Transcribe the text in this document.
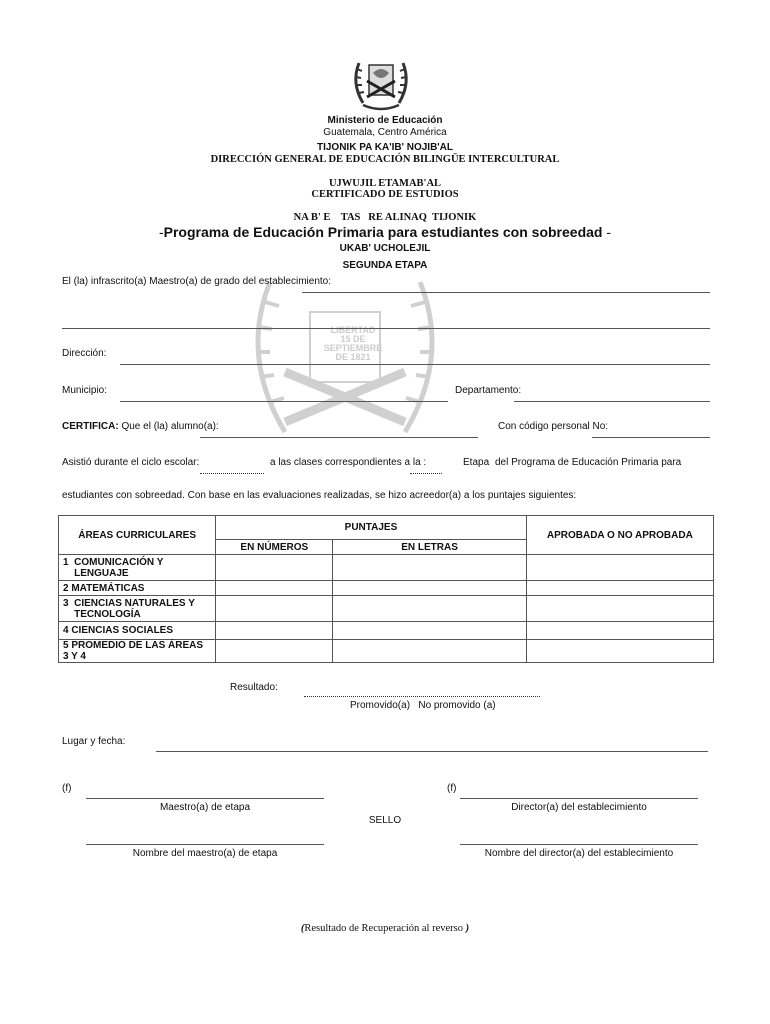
LIBERTAD
15 DE
SEPTIEMBRE
DE 1821
Ministerio de Educación
Guatemala, Centro América
TIJONIK PA KA'IB' NOJIB'AL
DIRECCIÓN GENERAL DE EDUCACIÓN BILINGÜE INTERCULTURAL
UJWUJIL ETAMAB'AL
CERTIFICADO DE ESTUDIOS
NA B' E    TAS   RE ALINAQ  TIJONIK
-Programa de Educación Primaria para estudiantes con sobreedad -
UKAB' UCHOLEJIL
SEGUNDA ETAPA
El (la) infrascrito(a) Maestro(a) de grado del establecimiento:
Dirección:
Municipio:	Departamento:
CERTIFICA: Que el (la) alumno(a):	Con código personal No:
Asistió durante el ciclo escolar:	a las clases correspondientes a la :	Etapa del Programa de Educación Primaria para
estudiantes con sobreedad. Con base en las evaluaciones realizadas, se hizo acreedor(a) a los puntajes siguientes:
ÁREAS CURRICULARES	PUNTAJES		APROBADA O NO APROBADA
	EN NÚMEROS	EN LETRAS	
1  COMUNICACIÓN Y
LENGUAJE			
2 MATEMÁTICAS			
3  CIENCIAS NATURALES Y
TECNOLOGÍA			
4 CIENCIAS SOCIALES			
5 PROMEDIO DE LAS ÁREAS 3 Y 4			
Resultado:
Promovido(a)   No promovido (a)
Lugar y fecha:
(f)
Maestro(a) de etapa
(f)
Director(a) del establecimiento
SELLO
Nombre del maestro(a) de etapa	Nombre del director(a) del establecimiento
(Resultado de Recuperación al reverso )
